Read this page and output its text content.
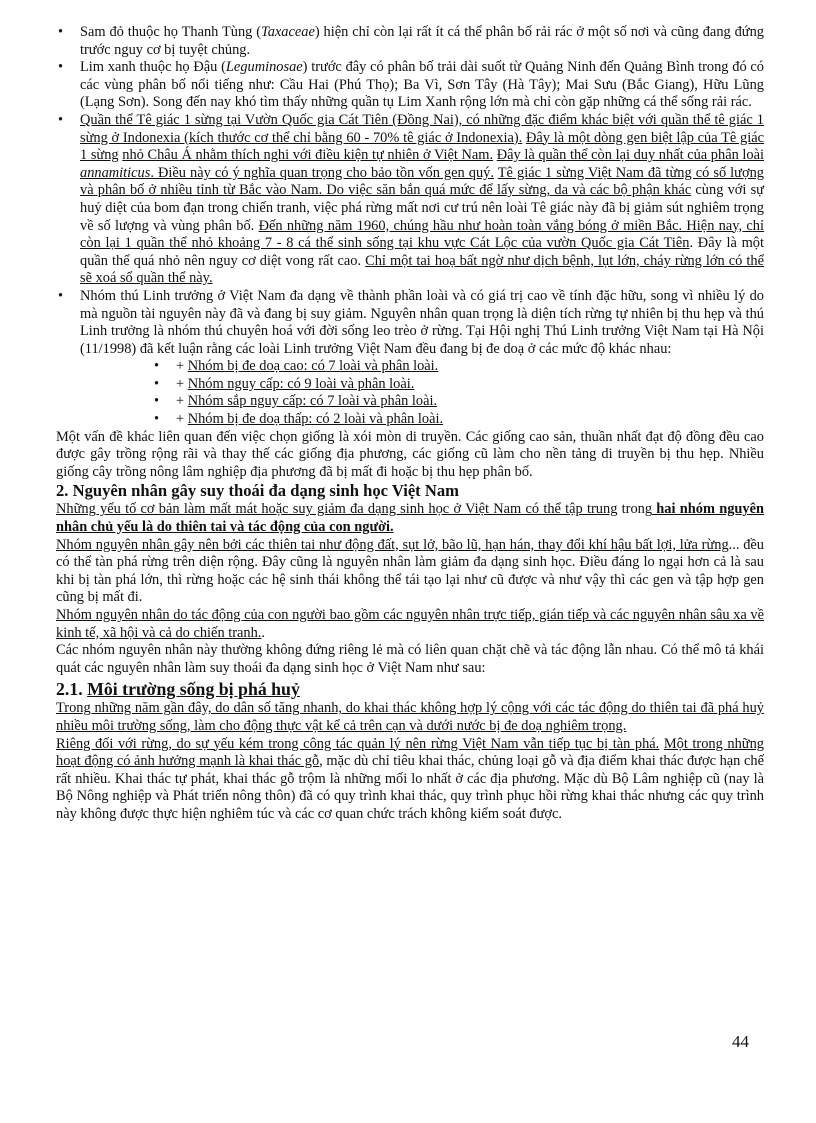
• Sam đỏ thuộc họ Thanh Tùng (Taxaceae) hiện chỉ còn lại rất ít cá thể phân bố rải rác ở một số nơi và cũng đang đứng trước nguy cơ bị tuyệt chủng.
• Lim xanh thuộc họ Đậu (Leguminosae) trước đây có phân bố trải dài suốt từ Quảng Ninh đến Quảng Bình trong đó có các vùng phân bố nổi tiếng như: Cầu Hai (Phú Thọ); Ba Vì, Sơn Tây (Hà Tây); Mai Sưu (Bắc Giang), Hữu Lũng (Lạng Sơn). Song đến nay khó tìm thấy những quần tụ Lim Xanh rộng lớn mà chỉ còn gặp những cá thể sống rải rác.
• Quần thể Tê giác 1 sừng tại Vườn Quốc gia Cát Tiên (Đồng Nai), có những đặc điểm khác biệt với quần thể tê giác 1 sừng ở Indonexia (kích thước cơ thể chỉ bằng 60 - 70% tê giác ở Indonexia). Đây là một dòng gen biệt lập của Tê giác 1 sừng nhỏ Châu Á nhằm thích nghi với điều kiện tự nhiên ở Việt Nam. Đây là quần thể còn lại duy nhất của phân loài annamiticus. Điều này có ý nghĩa quan trọng cho bảo tồn vốn gen quý. Tê giác 1 sừng Việt Nam đã từng có số lượng và phân bố ở nhiều tỉnh từ Bắc vào Nam. Do việc săn bắn quá mức để lấy sừng, da và các bộ phận khác cùng với sự huỷ diệt của bom đạn trong chiến tranh, việc phá rừng mất nơi cư trú nên loài Tê giác này đã bị giảm sút nghiêm trọng về số lượng và vùng phân bố. Đến những năm 1960, chúng hầu như hoàn toàn vắng bóng ở miền Bắc. Hiện nay, chỉ còn lại 1 quần thể nhỏ khoảng 7 - 8 cá thể sinh sống tại khu vực Cát Lộc của vườn Quốc gia Cát Tiên. Đây là một quần thể quá nhỏ nên nguy cơ diệt vong rất cao. Chỉ một tai hoạ bất ngờ như dịch bệnh, lụt lớn, cháy rừng lớn có thể sẽ xoá sổ quần thể này.
• Nhóm thú Linh trưởng ở Việt Nam đa dạng về thành phần loài và có giá trị cao về tính đặc hữu, song vì nhiều lý do mà nguồn tài nguyên này đã và đang bị suy giảm. Nguyên nhân quan trọng là diện tích rừng tự nhiên bị thu hẹp và thú Linh trưởng là nhóm thú chuyên hoá với đời sống leo trèo ở rừng. Tại Hội nghị Thú Linh trưởng Việt Nam tại Hà Nội (11/1998) đã kết luận rằng các loài Linh trưởng Việt Nam đều đang bị đe doạ ở các mức độ khác nhau:
• + Nhóm bị đe doạ cao: có 7 loài và phân loài.
• + Nhóm nguy cấp: có 9 loài và phân loài.
• + Nhóm sắp nguy cấp: có 7 loài và phân loài.
• + Nhóm bị đe doạ thấp: có 2 loài và phân loài.

Một vấn đề khác liên quan đến việc chọn giống là xói mòn di truyền. Các giống cao sản, thuần nhất đạt độ đồng đều cao được gây trồng rộng rãi và thay thế các giống địa phương, các giống cũ làm cho nền tảng di truyền bị thu hẹp. Nhiều giống cây trồng nông lâm nghiệp địa phương đã bị mất đi hoặc bị thu hẹp phân bố.

2. Nguyên nhân gây suy thoái đa dạng sinh học Việt Nam

Những yếu tố cơ bản làm mất mát hoặc suy giảm đa dạng sinh học ở Việt Nam có thể tập trung trong hai nhóm nguyên nhân chủ yếu là do thiên tai và tác động của con người.

Nhóm nguyên nhân gây nên bởi các thiên tai như động đất, sụt lở, bão lũ, hạn hán, thay đổi khí hậu bất lợi, lửa rừng... đều có thể tàn phá rừng trên diện rộng. Đây cũng là nguyên nhân làm giảm đa dạng sinh học. Điều đáng lo ngại hơn cả là sau khi bị tàn phá lớn, thì rừng hoặc các hệ sinh thái không thể tái tạo lại như cũ được và như vậy thì các gen và tập hợp gen cũng bị mất đi.

Nhóm nguyên nhân do tác động của con người bao gồm các nguyên nhân trực tiếp, gián tiếp và các nguyên nhân sâu xa về kinh tế, xã hội và cả do chiến tranh..

Các nhóm nguyên nhân này thường không đứng riêng lẻ mà có liên quan chặt chẽ và tác động lẫn nhau. Có thể mô tả khái quát các nguyên nhân làm suy thoái đa dạng sinh học ở Việt Nam như sau:

2.1. Môi trường sống bị phá huỷ

Trong những năm gần đây, do dân số tăng nhanh, do khai thác không hợp lý cộng với các tác động do thiên tai đã phá huỷ nhiều môi trường sống, làm cho động thực vật kể cả trên cạn và dưới nước bị đe doạ nghiêm trọng.

Riêng đối với rừng, do sự yếu kém trong công tác quản lý nên rừng Việt Nam vẫn tiếp tục bị tàn phá. Một trong những hoạt động có ảnh hưởng mạnh là khai thác gỗ, mặc dù chỉ tiêu khai thác, chủng loại gỗ và địa điểm khai thác được hạn chế rất nhiều. Khai thác tự phát, khai thác gỗ trộm là những mối lo nhất ở các địa phương. Mặc dù Bộ Lâm nghiệp cũ (nay là Bộ Nông nghiệp và Phát triển nông thôn) đã có quy trình khai thác, quy trình phục hồi rừng khai thác nhưng các quy trình này không được thực hiện nghiêm túc và các cơ quan chức trách không kiểm soát được.

44
